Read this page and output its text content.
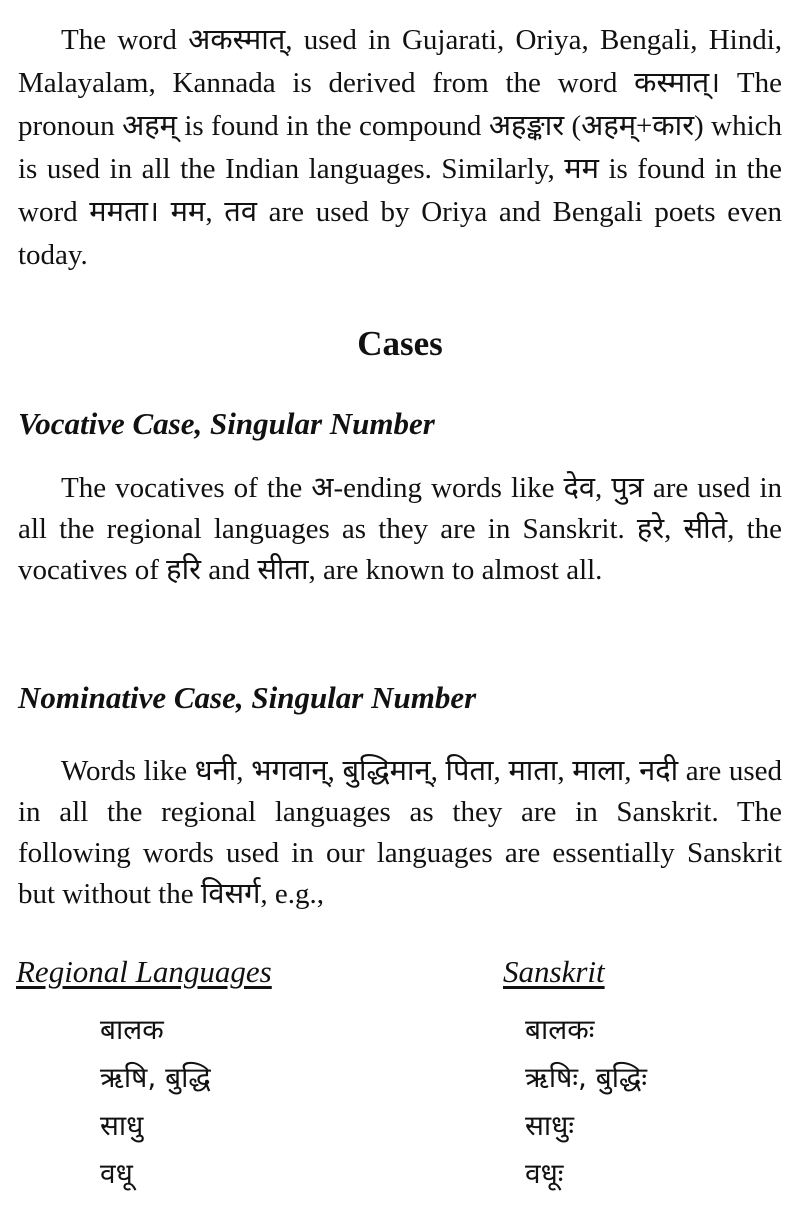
The word अकस्मात्, used in Gujarati, Oriya, Bengali, Hindi, Malayalam, Kannada is derived from the word कस्मात्। The pronoun अहम् is found in the compound अहङ्कार (अहम्+कार) which is used in all the Indian languages. Similarly, मम is found in the word ममता। मम, तव are used by Oriya and Bengali poets even today.

Cases
Vocative Case, Singular Number

The vocatives of the अ-ending words like देव, पुत्र are used in all the regional languages as they are in Sanskrit. हरे, सीते, the vocatives of हरि and सीता, are known to almost all.

Nominative Case, Singular Number

Words like धनी, भगवान्, बुद्धिमान्, पिता, माता, माला, नदी are used in all the regional languages as they are in Sanskrit. The following words used in our languages are essentially Sanskrit but without the विसर्ग, e.g.,

Regional Languages	Sanskrit
बालक	बालकः
ऋषि, बुद्धि	ऋषिः, बुद्धिः
साधु	साधुः
वधू	वधूः
